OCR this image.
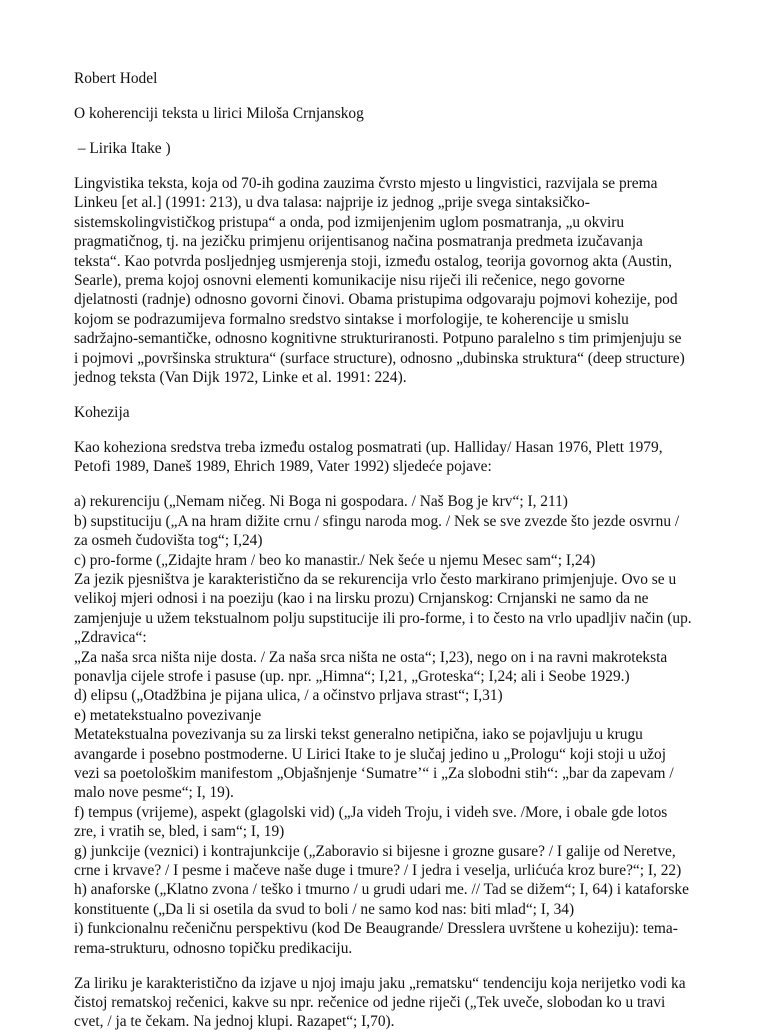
Robert Hodel

O koherenciji teksta u lirici Miloša Crnjanskog

– Lirika Itake )

Lingvistika teksta, koja od 70-ih godina zauzima čvrsto mjesto u lingvistici, razvijala se prema

Linkeu [et al.] (1991: 213), u dva talasa: najprije iz jednog „prije svega sintaksičko-

sistemskolingvističkog pristupa“ a onda, pod izmijenjenim uglom posmatranja, „u okviru

pragmatičnog, tj. na jezičku primjenu orijentisanog načina posmatranja predmeta izučavanja

teksta“. Kao potvrda posljednjeg usmjerenja stoji, između ostalog, teorija govornog akta (Austin,

Searle), prema kojoj osnovni elementi komunikacije nisu riječi ili rečenice, nego govorne

djelatnosti (radnje) odnosno govorni činovi. Obama pristupima odgovaraju pojmovi kohezije, pod

kojom se podrazumijeva formalno sredstvo sintakse i morfologije, te koherencije u smislu

sadržajno-semantičke, odnosno kognitivne strukturiranosti. Potpuno paralelno s tim primjenjuju se

i pojmovi „površinska struktura“ (surface structure), odnosno „dubinska struktura“ (deep structure)

jednog teksta (Van Dijk 1972, Linke et al. 1991: 224).

Kohezija

Kao koheziona sredstva treba između ostalog posmatrati (up. Halliday/ Hasan 1976, Plett 1979,

Petofi 1989, Daneš 1989, Ehrich 1989, Vater 1992) sljedeće pojave:

a) rekurenciju („Nemam ničeg. Ni Boga ni gospodara. / Naš Bog je krv“; I, 211)

b) supstituciju („A na hram dižite crnu / sfingu naroda mog. / Nek se sve zvezde što jezde osvrnu /

za osmeh čudovišta tog“; I,24)

c) pro-forme („Zidajte hram / beo ko manastir./ Nek šeće u njemu Mesec sam“; I,24)

Za jezik pjesništva je karakteristično da se rekurencija vrlo često markirano primjenjuje. Ovo se u

velikoj mjeri odnosi i na poeziju (kao i na lirsku prozu) Crnjanskog: Crnjanski ne samo da ne

zamjenjuje u užem tekstualnom polju supstitucije ili pro-forme, i to često na vrlo upadljiv način (up.

„Zdravica“:

„Za naša srca ništa nije dosta. / Za naša srca ništa ne osta“; I,23), nego on i na ravni makroteksta

ponavlja cijele strofe i pasuse (up. npr. „Himna“; I,21, „Groteska“; I,24; ali i Seobe 1929.)

d) elipsu („Otadžbina je pijana ulica, / a očinstvo prljava strast“; I,31)

e) metatekstualno povezivanje

Metatekstualna povezivanja su za lirski tekst generalno netipična, iako se pojavljuju u krugu

avangarde i posebno postmoderne. U Lirici Itake to je slučaj jedino u „Prologu“ koji stoji u užoj

vezi sa poetološkim manifestom „Objašnjenje ‘Sumatre’“ i „Za slobodni stih“: „bar da zapevam /

malo nove pesme“; I, 19).

f) tempus (vrijeme), aspekt (glagolski vid) („Ja videh Troju, i videh sve. /More, i obale gde lotos

zre, i vratih se, bled, i sam“; I, 19)

g) junkcije (veznici) i kontrajunkcije („Zaboravio si bijesne i grozne gusare? / I galije od Neretve,

crne i krvave? / I pesme i mačeve naše duge i tmure? / I jedra i veselja, urlićuća kroz bure?“; I, 22)

h) anaforske („Klatno zvona / teško i tmurno / u grudi udari me. // Tad se dižem“; I, 64) i kataforske

konstituente („Da li si osetila da svud to boli / ne samo kod nas: biti mlad“; I, 34)

i) funkcionalnu rečeničnu perspektivu (kod De Beaugrande/ Dresslera uvrštene u koheziju): tema-

rema-strukturu, odnosno topičku predikaciju.

Za liriku je karakteristično da izjave u njoj imaju jaku „rematsku“ tendenciju koja nerijetko vodi ka

čistoj rematskoj rečenici, kakve su npr. rečenice od jedne riječi („Tek uveče, slobodan ko u travi

cvet, / ja te čekam. Na jednoj klupi. Razapet“; I,70).
